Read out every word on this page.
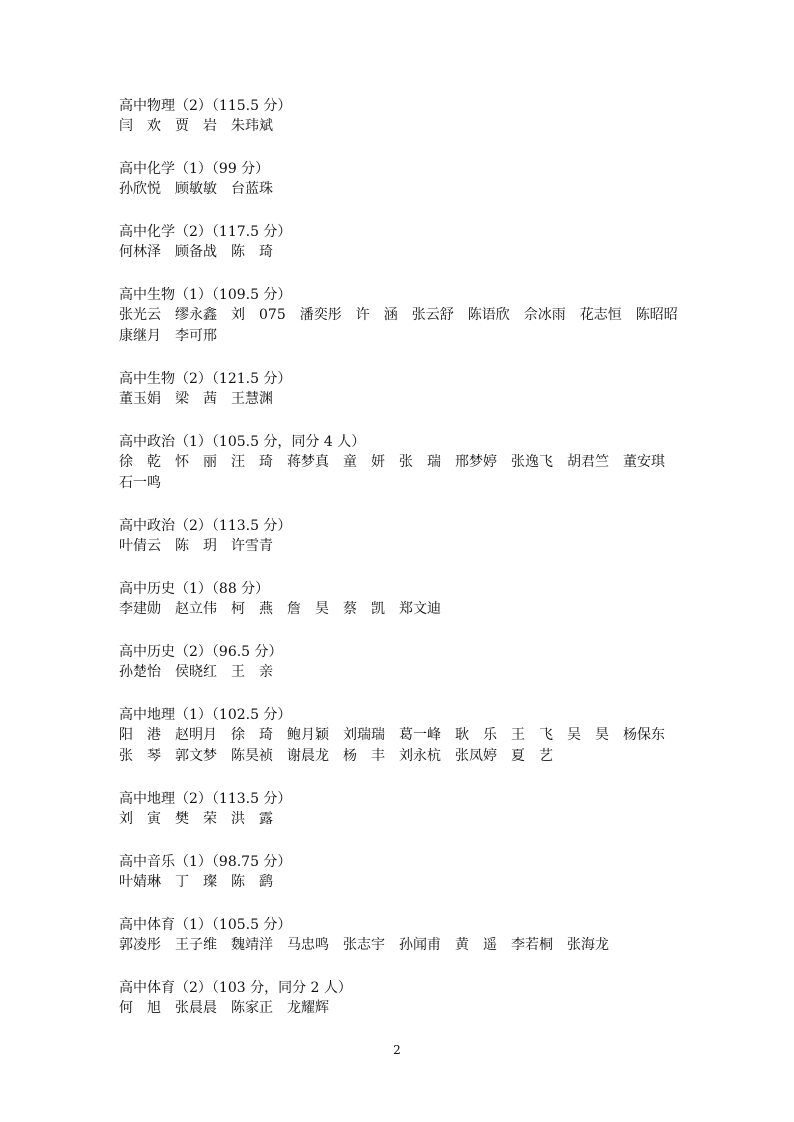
高中物理（2）（115.5 分）
闫　欢　贾　岩　朱玮斌
高中化学（1）（99 分）
孙欣悦　顾敏敏　台蓝珠
高中化学（2）（117.5 分）
何林泽　顾备战　陈　琦
高中生物（1）（109.5 分）
张光云　缪永鑫　刘　075　潘奕彤　许　涵　张云舒　陈语欣　佘冰雨　花志恒　陈昭昭
康继月　李可邢
高中生物（2）（121.5 分）
董玉娟　梁　茜　王慧渊
高中政治（1）（105.5 分，同分 4 人）
徐　乾　怀　丽　汪　琦　蒋梦真　童　妍　张　瑞　邢梦婷　张逸飞　胡君竺　董安琪
石一鸣
高中政治（2）（113.5 分）
叶倩云　陈　玥　许雪青
高中历史（1）（88 分）
李建勋　赵立伟　柯　燕　詹　昊　蔡　凯　郑文迪
高中历史（2）（96.5 分）
孙楚怡　侯晓红　王　亲
高中地理（1）（102.5 分）
阳　港　赵明月　徐　琦　鲍月颖　刘瑞瑞　葛一峰　耿　乐　王　飞　吴　昊　杨保东
张　琴　郭文梦　陈昊祯　谢晨龙　杨　丰　刘永杭　张凤婷　夏　艺
高中地理（2）（113.5 分）
刘　寅　樊　荣　洪　露
高中音乐（1）（98.75 分）
叶婧琳　丁　璨　陈　鹞
高中体育（1）（105.5 分）
郭凌彤　王子维　魏靖洋　马忠鸣　张志宇　孙闻甫　黄　遥　李若桐　张海龙
高中体育（2）（103 分，同分 2 人）
何　旭　张晨晨　陈家正　龙耀辉
2
